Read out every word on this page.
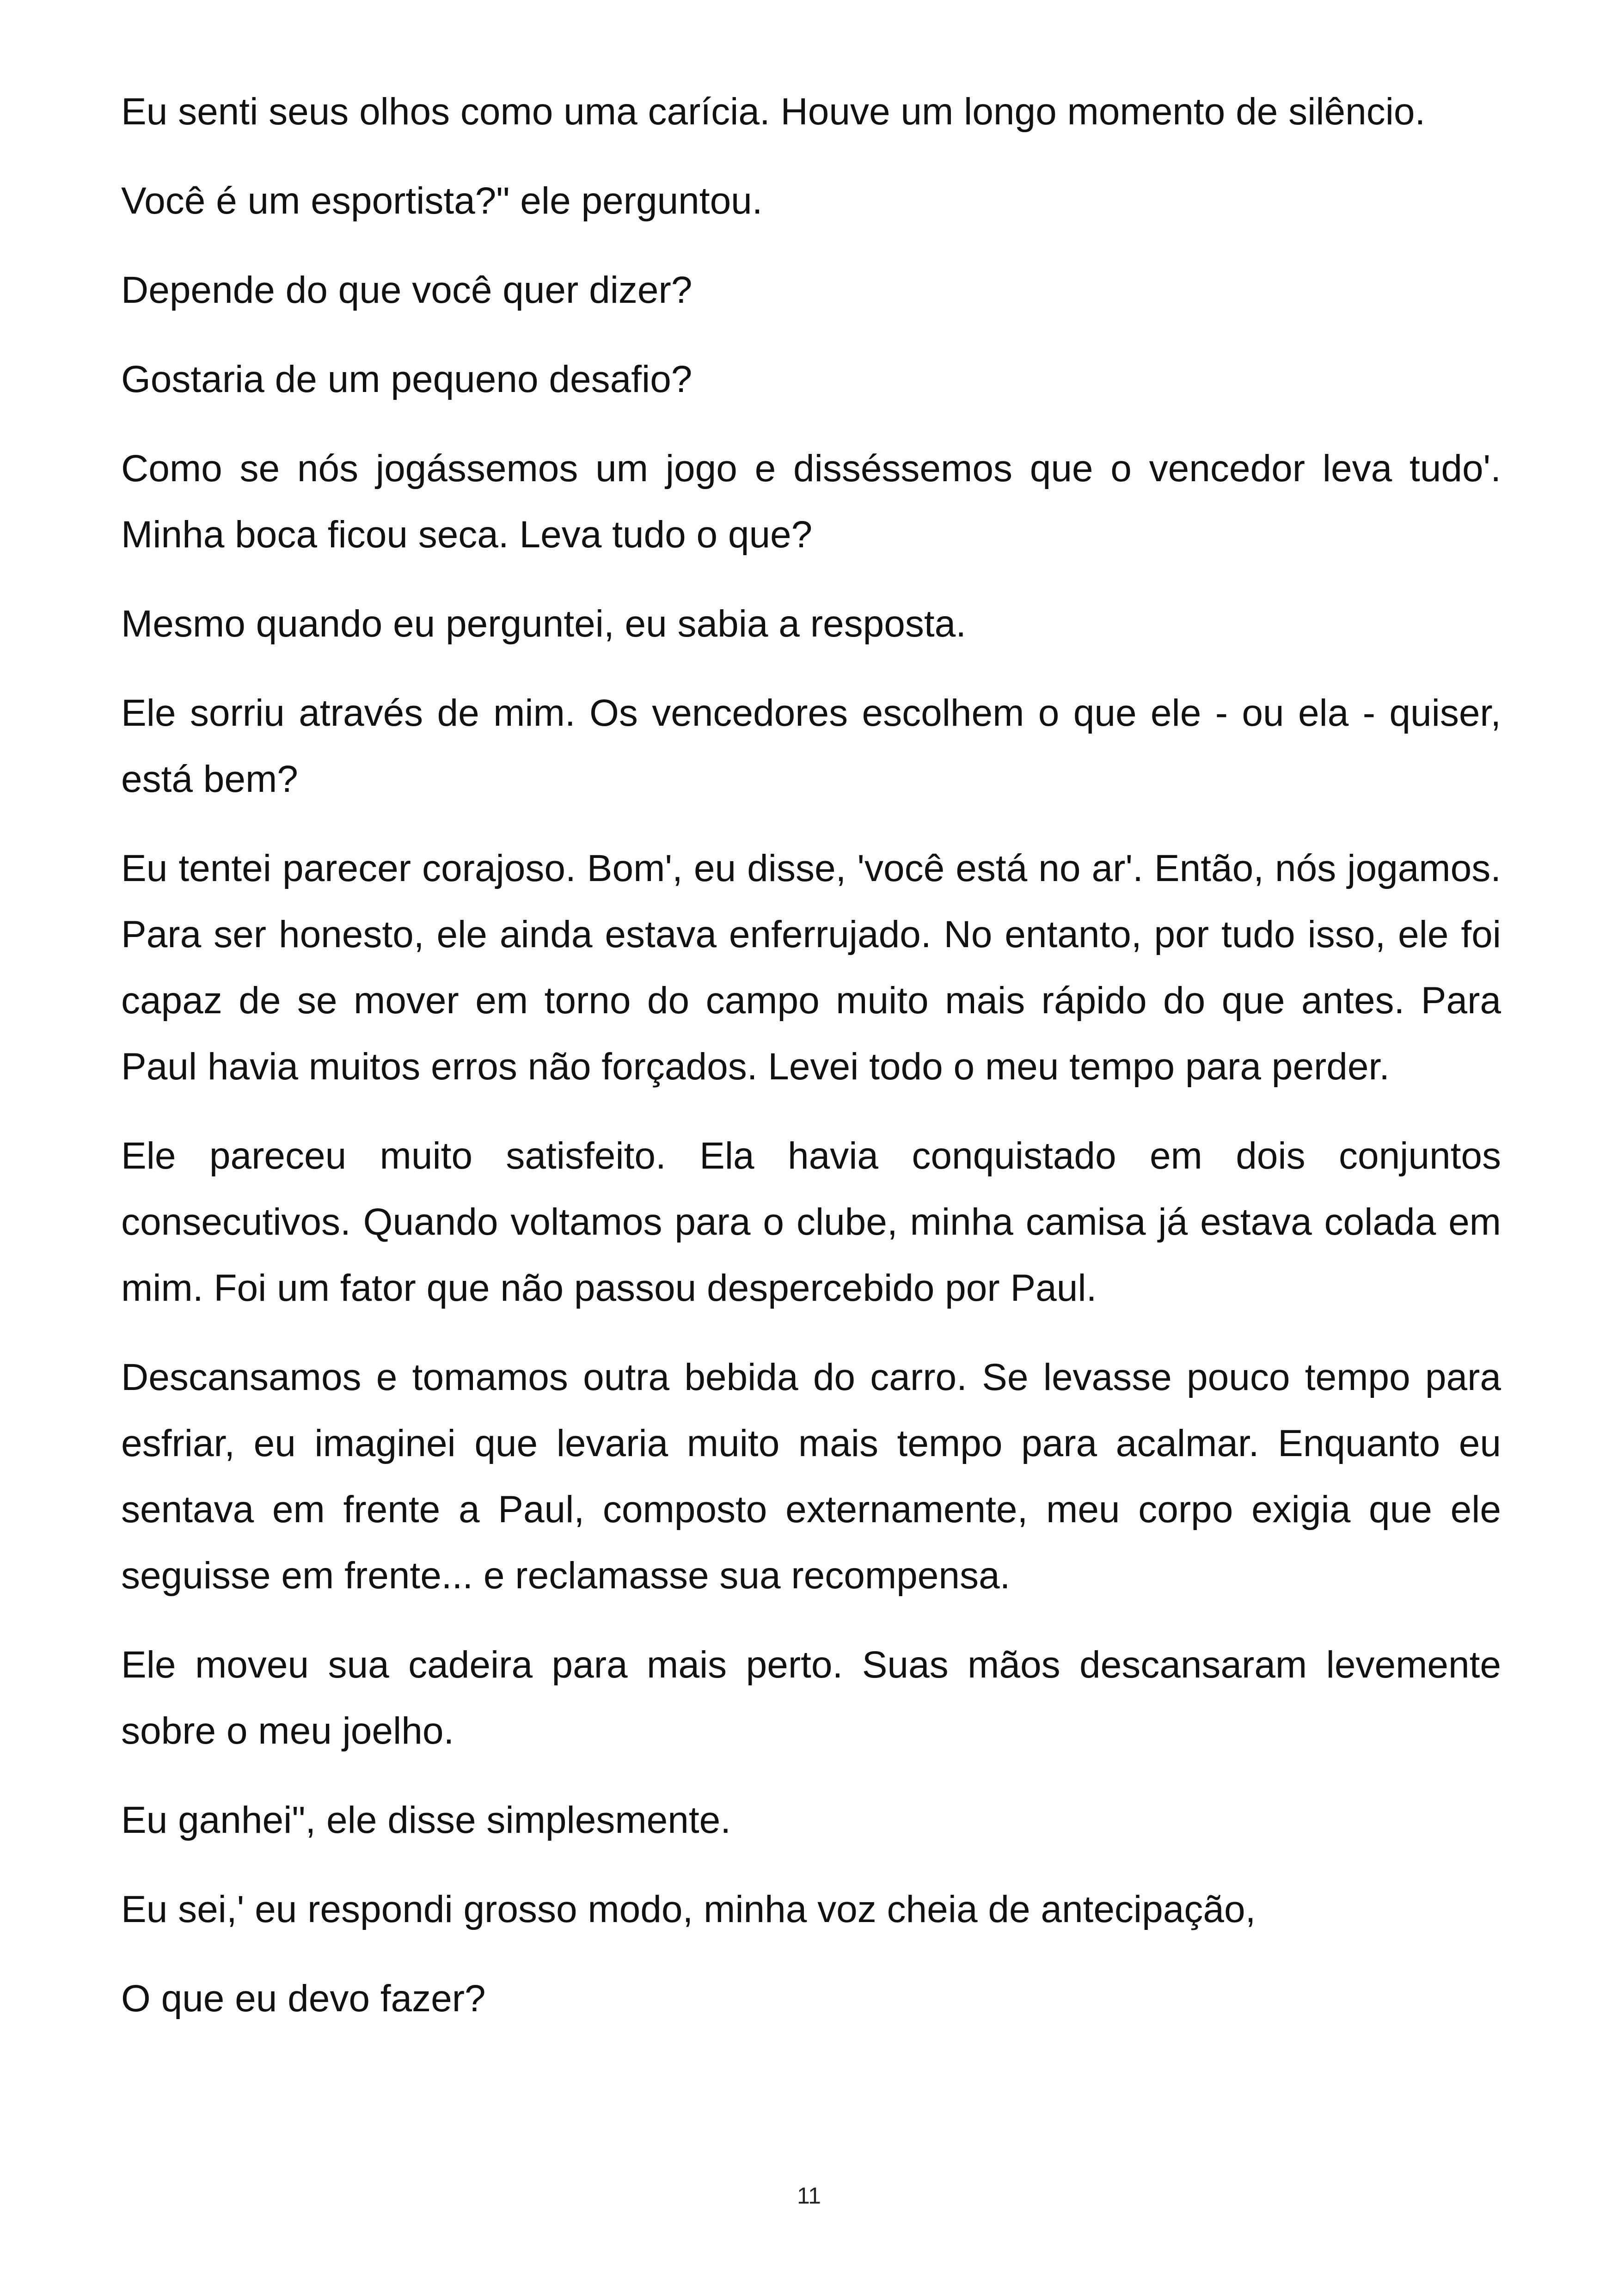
Eu senti seus olhos como uma carícia. Houve um longo momento de silêncio.

Você é um esportista?" ele perguntou.

Depende do que você quer dizer?

Gostaria de um pequeno desafio?

Como se nós jogássemos um jogo e disséssemos que o vencedor leva tudo'. Minha boca ficou seca. Leva tudo o que?

Mesmo quando eu perguntei, eu sabia a resposta.

Ele sorriu através de mim. Os vencedores escolhem o que ele - ou ela - quiser, está bem?

Eu tentei parecer corajoso. Bom', eu disse, 'você está no ar'. Então, nós jogamos. Para ser honesto, ele ainda estava enferrujado. No entanto, por tudo isso, ele foi capaz de se mover em torno do campo muito mais rápido do que antes. Para Paul havia muitos erros não forçados. Levei todo o meu tempo para perder.

Ele pareceu muito satisfeito. Ela havia conquistado em dois conjuntos consecutivos. Quando voltamos para o clube, minha camisa já estava colada em mim. Foi um fator que não passou despercebido por Paul.

Descansamos e tomamos outra bebida do carro. Se levasse pouco tempo para esfriar, eu imaginei que levaria muito mais tempo para acalmar. Enquanto eu sentava em frente a Paul, composto externamente, meu corpo exigia que ele seguisse em frente... e reclamasse sua recompensa.

Ele moveu sua cadeira para mais perto. Suas mãos descansaram levemente sobre o meu joelho.

Eu ganhei", ele disse simplesmente.

Eu sei,' eu respondi grosso modo, minha voz cheia de antecipação,

O que eu devo fazer?

11
